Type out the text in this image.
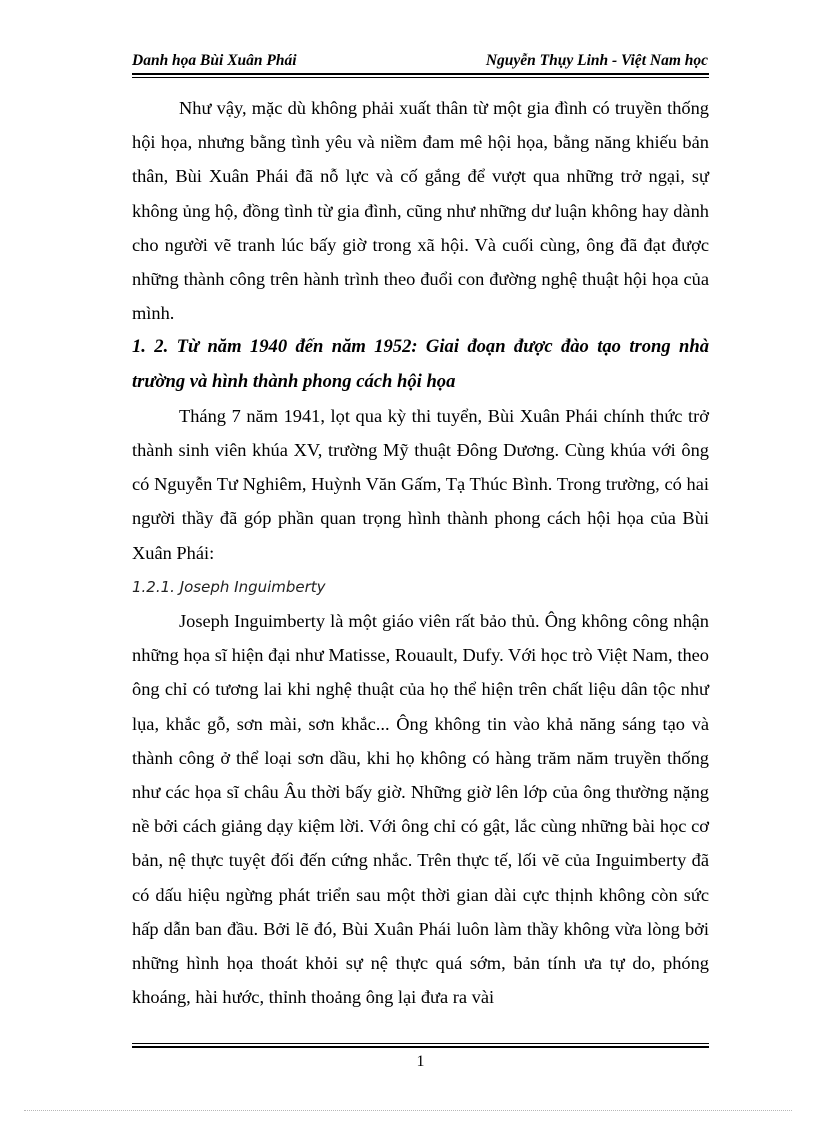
Danh họa Bùi Xuân Phái	Nguyễn Thụy Linh - Việt Nam học

Như vậy, mặc dù không phải xuất thân từ một gia đình có truyền thống hội họa, nhưng bằng tình yêu và niềm đam mê hội họa, bằng năng khiếu bản thân, Bùi Xuân Phái đã nỗ lực và cố gắng để vượt qua những trở ngại, sự không ủng hộ, đồng tình từ gia đình, cũng như những dư luận không hay dành cho người vẽ tranh lúc bấy giờ trong xã hội. Và cuối cùng, ông đã đạt được những thành công trên hành trình theo đuổi con đường nghệ thuật hội họa của mình.

1. 2. Từ năm 1940 đến năm 1952: Giai đoạn được đào tạo trong nhà trường và hình thành phong cách hội họa

Tháng 7 năm 1941, lọt qua kỳ thi tuyển, Bùi Xuân Phái chính thức trở thành sinh viên khúa XV, trường Mỹ thuật Đông Dương. Cùng khúa với ông có Nguyễn Tư Nghiêm, Huỳnh Văn Gấm, Tạ Thúc Bình. Trong trường, có hai người thầy đã góp phần quan trọng hình thành phong cách hội họa của Bùi Xuân Phái:

1.2.1. Joseph Inguimberty

Joseph Inguimberty là một giáo viên rất bảo thủ. Ông không công nhận những họa sĩ hiện đại như Matisse, Rouault, Dufy. Với học trò Việt Nam, theo ông chỉ có tương lai khi nghệ thuật của họ thể hiện trên chất liệu dân tộc như lụa, khắc gỗ, sơn mài, sơn khắc... Ông không tin vào khả năng sáng tạo và thành công ở thể loại sơn dầu, khi họ không có hàng trăm năm truyền thống như các họa sĩ châu Âu thời bấy giờ. Những giờ lên lớp của ông thường nặng nề bởi cách giảng dạy kiệm lời. Với ông chỉ có gật, lắc cùng những bài học cơ bản, nệ thực tuyệt đối đến cứng nhắc. Trên thực tế, lối vẽ của Inguimberty đã có dấu hiệu ngừng phát triển sau một thời gian dài cực thịnh không còn sức hấp dẫn ban đầu. Bởi lẽ đó, Bùi Xuân Phái luôn làm thầy không vừa lòng bởi những hình họa thoát khỏi sự nệ thực quá sớm, bản tính ưa tự do, phóng khoáng, hài hước, thỉnh thoảng ông lại đưa ra vài

1
